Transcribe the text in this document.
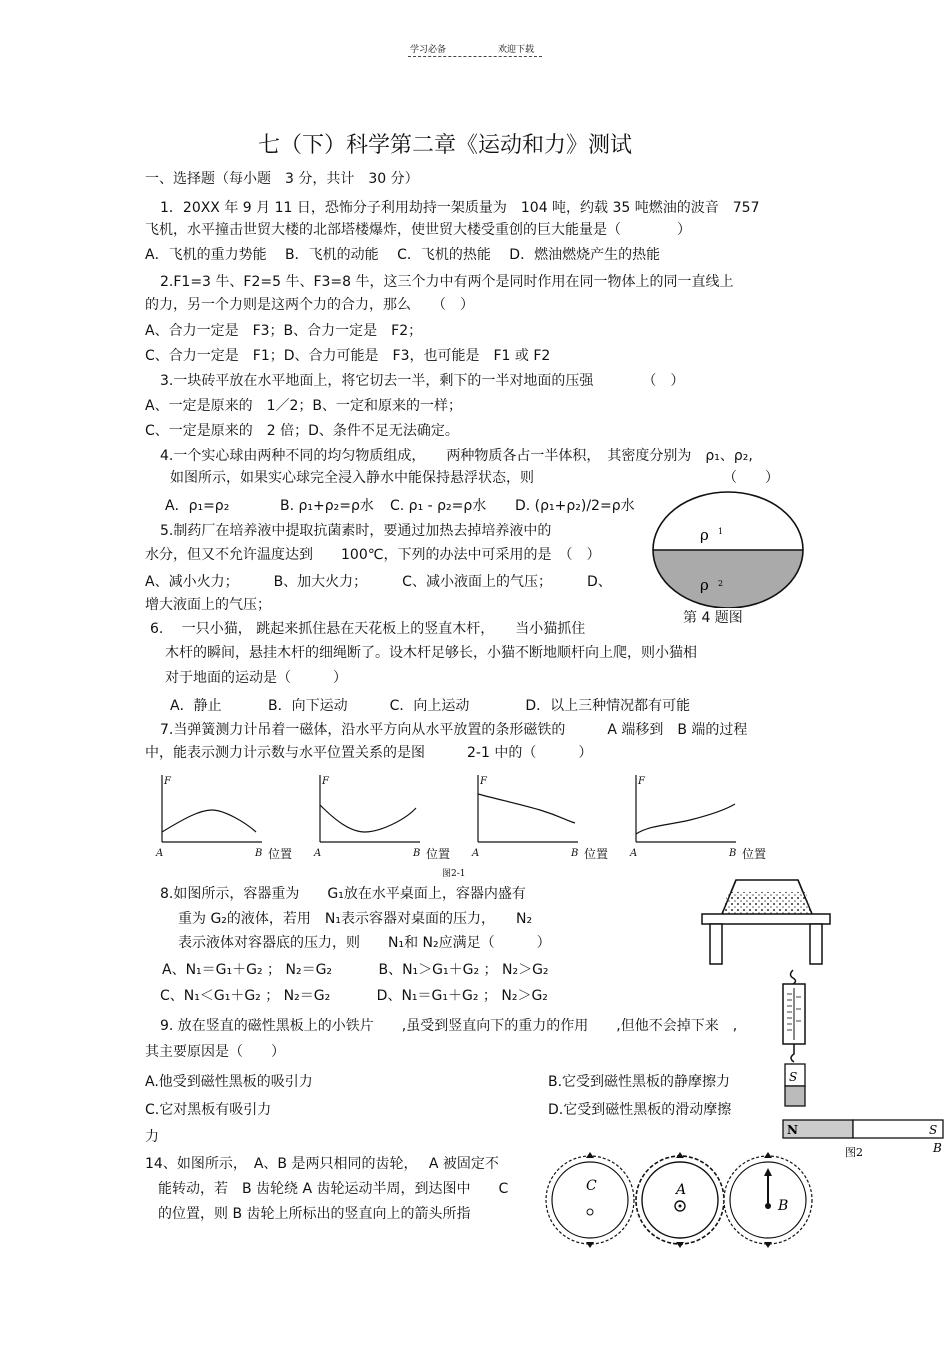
学习必备	欢迎下载
七（下）科学第二章《运动和力》测试
一、选择题（每小题　3 分，共计　30 分）
1．20XX 年 9 月 11 日，恐怖分子利用劫持一架质量为　104 吨，约载 35 吨燃油的波音　757
飞机，水平撞击世贸大楼的北部塔楼爆炸，使世贸大楼受重创的巨大能量是（　　　　）
A．飞机的重力势能　 B．飞机的动能　 C．飞机的热能　 D．燃油燃烧产生的热能
2.F1=3 牛、F2=5 牛、F3=8 牛，这三个力中有两个是同时作用在同一物体上的同一直线上
的力，另一个力则是这两个力的合力，那么　　（　）
A、合力一定是　F3；B、合力一定是　F2；
C、合力一定是　F1；D、合力可能是　F3，也可能是　F1 或 F2
3.一块砖平放在水平地面上，将它切去一半，剩下的一半对地面的压强　　　　（　）
A、一定是原来的　1／2；B、一定和原来的一样；
C、一定是原来的　2 倍；D、条件不足无法确定。
4.一个实心球由两种不同的均匀物质组成，　　两种物质各占一半体积，　其密度分别为　ρ₁、ρ₂,
如图所示，如果实心球完全浸入静水中能保持悬浮状态，则　　　　　　　　　　　　　　（　　）
A．ρ₁=ρ₂	B. ρ₁+ρ₂=ρ水 C. ρ₁ - ρ₂=ρ水 D. (ρ₁+ρ₂)/2=ρ水
ρ 1
ρ 2
第 4 题图
5.制药厂在培养液中提取抗菌素时，要通过加热去掉培养液中的
水分，但又不允许温度达到　　100℃，下列的办法中可采用的是　（　）
A、减小火力；　　　B、加大火力；　　　C、减小液面上的气压；　　　D、
增大液面上的气压；
6.　 一只小猫， 跳起来抓住悬在天花板上的竖直木杆，　　当小猫抓住
木杆的瞬间，悬挂木杆的细绳断了。设木杆足够长，小猫不断地顺杆向上爬，则小猫相
对于地面的运动是（　　　）
A．静止　　　 B．向下运动　　　C．向上运动　　　　D．以上三种情况都有可能
7.当弹簧测力计吊着一磁体，沿水平方向从水平放置的条形磁铁的　　　A 端移到　B 端的过程
中，能表示测力计示数与水平位置关系的是图　　　2-1 中的（　　　）
F	F	F	F
A	B	A	B	A	B	A	B
位置	位置	位置	位置
图2-1
8.如图所示，容器重为　　G₁放在水平桌面上，容器内盛有
重为 G₂的液体，若用　N₁表示容器对桌面的压力，　　N₂
表示液体对容器底的压力，则　　N₁和 N₂应满足（　　　）
A、N₁＝G₁＋G₂ ； N₂＝G₂　　　 B、N₁＞G₁＋G₂ ； N₂＞G₂
C、N₁＜G₁＋G₂ ； N₂＝G₂　　　 D、N₁＝G₁＋G₂ ； N₂＞G₂
9. 放在竖直的磁性黑板上的小铁片　　,虽受到竖直向下的重力的作用　　,但他不会掉下来　,
其主要原因是（　　）
A.他受到磁性黑板的吸引力	B.它受到磁性黑板的静摩擦力
C.它对黑板有吸引力	D.它受到磁性黑板的滑动摩擦
力
S
N	S
B
图2
14、如图所示，　A、B 是两只相同的齿轮，　 A 被固定不
能转动，若　B 齿轮绕 A 齿轮运动半周，到达图中　　C
的位置，则 B 齿轮上所标出的竖直向上的箭头所指
C	A
B
